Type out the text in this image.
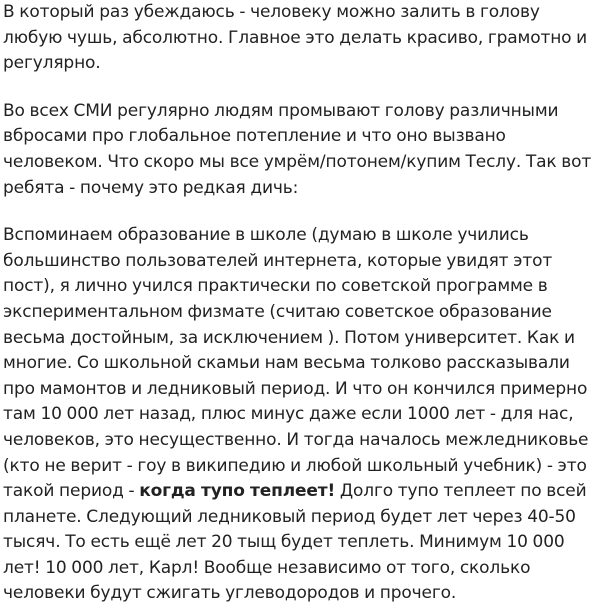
В который раз убеждаюсь - человеку можно залить в голову любую чушь, абсолютно. Главное это делать красиво, грамотно и регулярно.

Во всех СМИ регулярно людям промывают голову различными вбросами про глобальное потепление и что оно вызвано человеком. Что скоро мы все умрём/потонем/купим Теслу. Так вот ребята - почему это редкая дичь:

Вспоминаем образование в школе (думаю в школе учились большинство пользователей интернета, которые увидят этот пост), я лично учился практически по советской программе в экспериментальном физмате (считаю советское образование весьма достойным, за исключением ). Потом университет. Как и многие. Со школьной скамьи нам весьма толково рассказывали про мамонтов и ледниковый период. И что он кончился примерно там 10 000 лет назад, плюс минус даже если 1000 лет - для нас, человеков, это несущественно. И тогда началось межледниковье (кто не верит - гоу в википедию и любой школьный учебник) - это такой период - когда тупо теплеет! Долго тупо теплеет по всей планете. Следующий ледниковый период будет лет через 40-50 тысяч. То есть ещё лет 20 тыщ будет теплеть. Минимум 10 000 лет! 10 000 лет, Карл! Вообще независимо от того, сколько человеки будут сжигать углеводородов и прочего.
